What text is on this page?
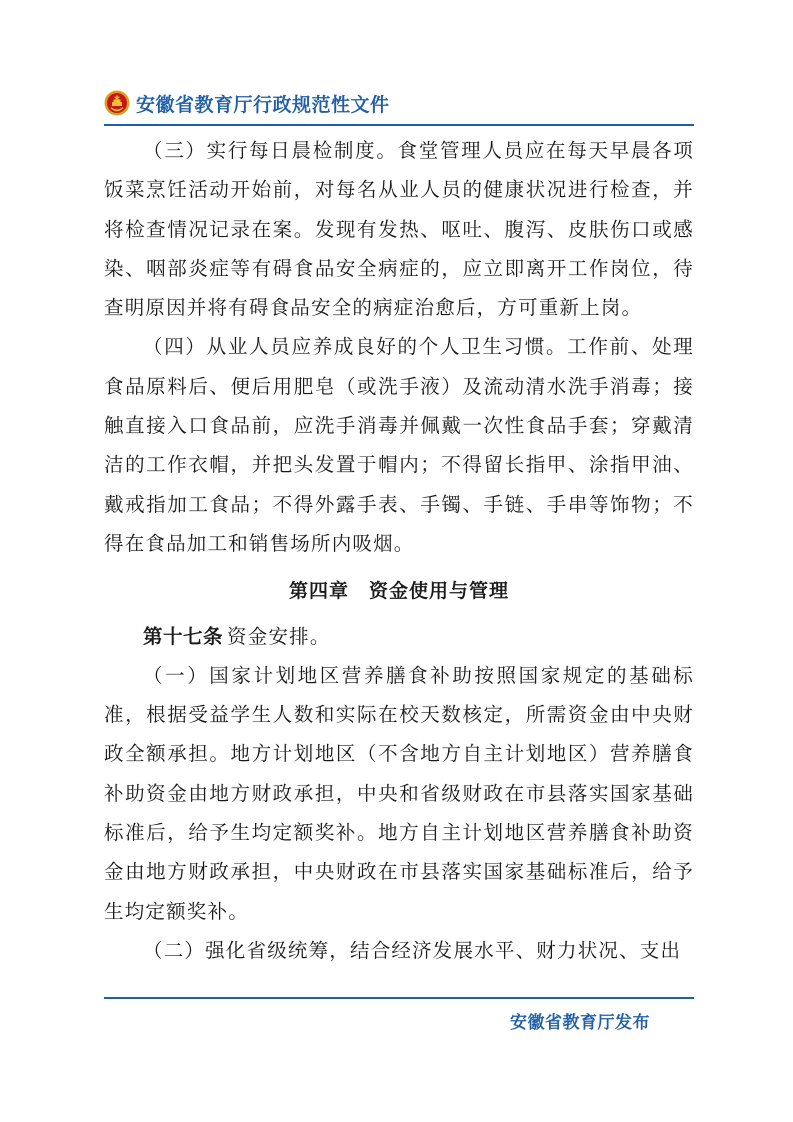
安徽省教育厅行政规范性文件

（三）实行每日晨检制度。食堂管理人员应在每天早晨各项饭菜烹饪活动开始前，对每名从业人员的健康状况进行检查，并将检查情况记录在案。发现有发热、呕吐、腹泻、皮肤伤口或感染、咽部炎症等有碍食品安全病症的，应立即离开工作岗位，待查明原因并将有碍食品安全的病症治愈后，方可重新上岗。

（四）从业人员应养成良好的个人卫生习惯。工作前、处理食品原料后、便后用肥皂（或洗手液）及流动清水洗手消毒；接触直接入口食品前，应洗手消毒并佩戴一次性食品手套；穿戴清洁的工作衣帽，并把头发置于帽内；不得留长指甲、涂指甲油、戴戒指加工食品；不得外露手表、手镯、手链、手串等饰物；不得在食品加工和销售场所内吸烟。

第四章　资金使用与管理

第十七条 资金安排。

（一）国家计划地区营养膳食补助按照国家规定的基础标准，根据受益学生人数和实际在校天数核定，所需资金由中央财政全额承担。地方计划地区（不含地方自主计划地区）营养膳食补助资金由地方财政承担，中央和省级财政在市县落实国家基础标准后，给予生均定额奖补。地方自主计划地区营养膳食补助资金由地方财政承担，中央财政在市县落实国家基础标准后，给予生均定额奖补。

（二）强化省级统筹，结合经济发展水平、财力状况、支出

安徽省教育厅发布
